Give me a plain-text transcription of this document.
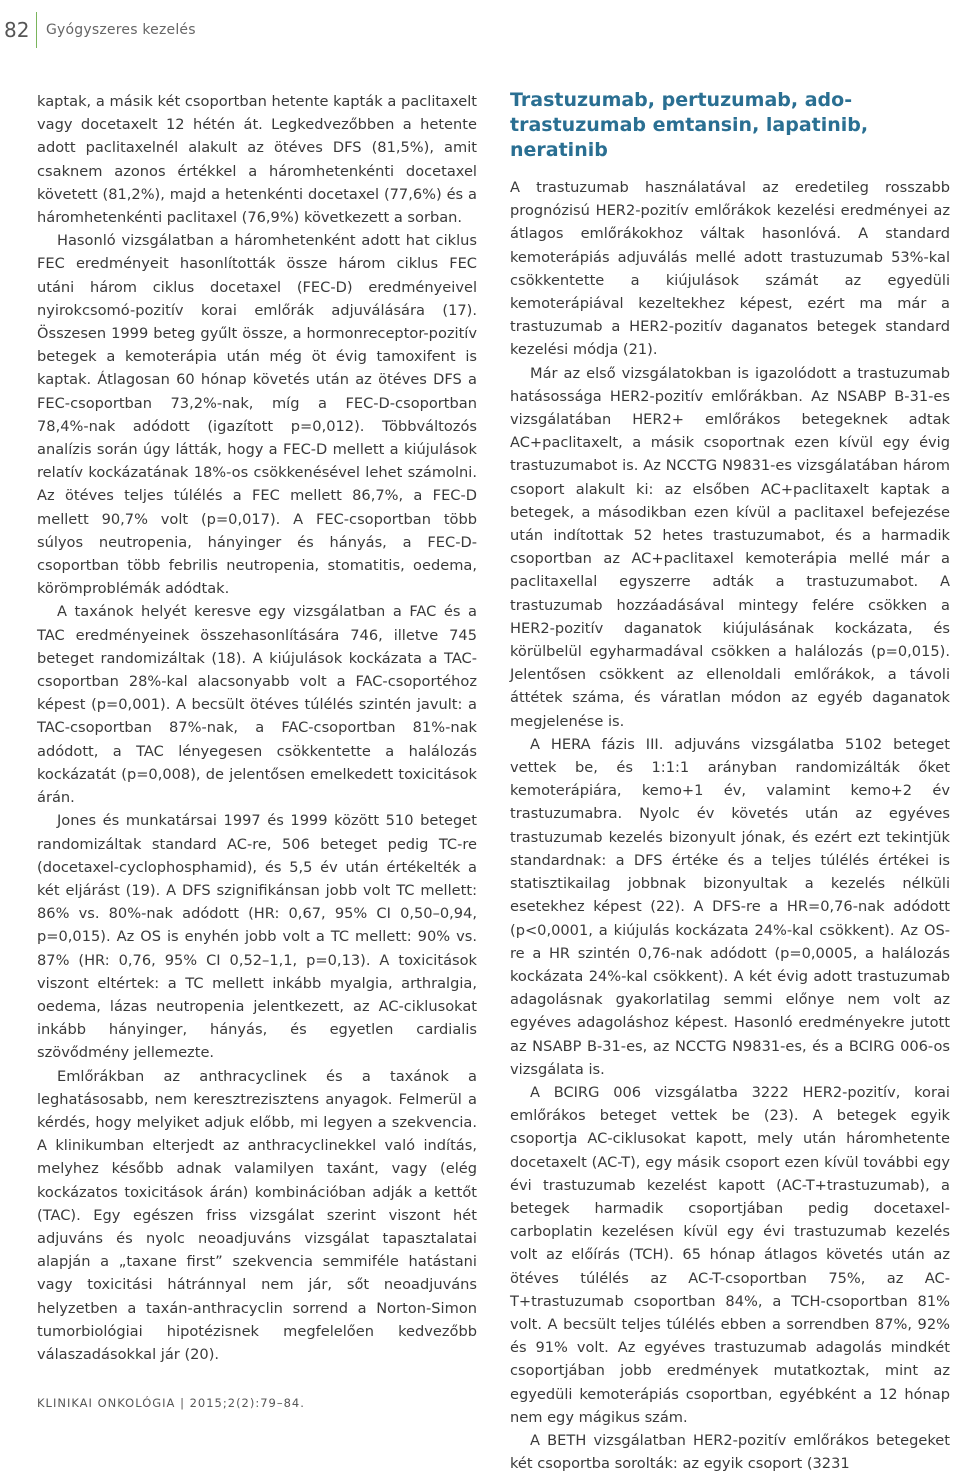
82 Gyógyszeres kezelés

kaptak, a másik két csoportban hetente kapták a paclitaxelt vagy docetaxelt 12 hétén át. Legkedvezőbben a hetente adott paclitaxelnél alakult az ötéves DFS (81,5%), amit csaknem azonos értékkel a háromhetenkénti docetaxel követett (81,2%), majd a hetenkénti docetaxel (77,6%) és a háromhetenkénti paclitaxel (76,9%) következett a sorban.

Hasonló vizsgálatban a háromhetenként adott hat ciklus FEC eredményeit hasonlították össze három ciklus FEC utáni három ciklus docetaxel (FEC-D) eredményeivel nyirokcsomó-pozitív korai emlőrák adjuválására (17). Összesen 1999 beteg gyűlt össze, a hormonreceptor-pozitív betegek a kemoterápia után még öt évig tamoxifent is kaptak. Átlagosan 60 hónap követés után az ötéves DFS a FEC-csoportban 73,2%-nak, míg a FEC-D-csoportban 78,4%-nak adódott (igazított p=0,012). Többváltozós analízis során úgy látták, hogy a FEC-D mellett a kiújulások relatív kockázatának 18%-os csökkenésével lehet számolni. Az ötéves teljes túlélés a FEC mellett 86,7%, a FEC-D mellett 90,7% volt (p=0,017). A FEC-csoportban több súlyos neutropenia, hányinger és hányás, a FEC-D-csoportban több febrilis neutropenia, stomatitis, oedema, körömproblémák adódtak.

A taxánok helyét keresve egy vizsgálatban a FAC és a TAC eredményeinek összehasonlítására 746, illetve 745 beteget randomizáltak (18). A kiújulások kockázata a TAC-csoportban 28%-kal alacsonyabb volt a FAC-csoportéhoz képest (p=0,001). A becsült ötéves túlélés szintén javult: a TAC-csoportban 87%-nak, a FAC-csoportban 81%-nak adódott, a TAC lényegesen csökkentette a halálozás kockázatát (p=0,008), de jelentősen emelkedett toxicitások árán.

Jones és munkatársai 1997 és 1999 között 510 beteget randomizáltak standard AC-re, 506 beteget pedig TC-re (docetaxel-cyclophosphamid), és 5,5 év után értékelték a két eljárást (19). A DFS szignifikánsan jobb volt TC mellett: 86% vs. 80%-nak adódott (HR: 0,67, 95% CI 0,50–0,94, p=0,015). Az OS is enyhén jobb volt a TC mellett: 90% vs. 87% (HR: 0,76, 95% CI 0,52–1,1, p=0,13). A toxicitások viszont eltértek: a TC mellett inkább myalgia, arthralgia, oedema, lázas neutropenia jelentkezett, az AC-ciklusokat inkább hányinger, hányás, és egyetlen cardialis szövődmény jellemezte.

Emlőrákban az anthracyclinek és a taxánok a leghatásosabb, nem keresztrezisztens anyagok. Felmerül a kérdés, hogy melyiket adjuk előbb, mi legyen a szekvencia. A klinikumban elterjedt az anthracyclinekkel való indítás, melyhez később adnak valamilyen taxánt, vagy (elég kockázatos toxicitások árán) kombinációban adják a kettőt (TAC). Egy egészen friss vizsgálat szerint viszont hét adjuváns és nyolc neoadjuváns vizsgálat tapasztalatai alapján a „taxane first” szekvencia semmiféle hatástani vagy toxicitási hátránnyal nem jár, sőt neoadjuváns helyzetben a taxán-anthracyclin sorrend a Norton-Simon tumorbiológiai hipotézisnek megfelelően kedvezőbb válaszadásokkal jár (20).

Trastuzumab, pertuzumab, ado-trastuzumab emtansin, lapatinib, neratinib

A trastuzumab használatával az eredetileg rosszabb prognózisú HER2-pozitív emlőrákok kezelési eredményei az átlagos emlőrákokhoz váltak hasonlóvá. A standard kemoterápiás adjuválás mellé adott trastuzumab 53%-kal csökkentette a kiújulások számát az egyedüli kemoterápiával kezeltekhez képest, ezért ma már a trastuzumab a HER2-pozitív daganatos betegek standard kezelési módja (21).

Már az első vizsgálatokban is igazolódott a trastuzumab hatásossága HER2-pozitív emlőrákban. Az NSABP B-31-es vizsgálatában HER2+ emlőrákos betegeknek adtak AC+paclitaxelt, a másik csoportnak ezen kívül egy évig trastuzumabot is. Az NCCTG N9831-es vizsgálatában három csoport alakult ki: az elsőben AC+paclitaxelt kaptak a betegek, a másodikban ezen kívül a paclitaxel befejezése után indítottak 52 hetes trastuzumabot, és a harmadik csoportban az AC+paclitaxel kemoterápia mellé már a paclitaxellal egyszerre adták a trastuzumabot. A trastuzumab hozzáadásával mintegy felére csökken a HER2-pozitív daganatok kiújulásának kockázata, és körülbelül egyharmadával csökken a halálozás (p=0,015). Jelentősen csökkent az ellenoldali emlőrákok, a távoli áttétek száma, és váratlan módon az egyéb daganatok megjelenése is.

A HERA fázis III. adjuváns vizsgálatba 5102 beteget vettek be, és 1:1:1 arányban randomizálták őket kemoterápiára, kemo+1 év, valamint kemo+2 év trastuzumabra. Nyolc év követés után az egyéves trastuzumab kezelés bizonyult jónak, és ezért ezt tekintjük standardnak: a DFS értéke és a teljes túlélés értékei is statisztikailag jobbnak bizonyultak a kezelés nélküli esetekhez képest (22). A DFS-re a HR=0,76-nak adódott (p<0,0001, a kiújulás kockázata 24%-kal csökkent). Az OS-re a HR szintén 0,76-nak adódott (p=0,0005, a halálozás kockázata 24%-kal csökkent). A két évig adott trastuzumab adagolásnak gyakorlatilag semmi előnye nem volt az egyéves adagoláshoz képest. Hasonló eredményekre jutott az NSABP B-31-es, az NCCTG N9831-es, és a BCIRG 006-os vizsgálata is.

A BCIRG 006 vizsgálatba 3222 HER2-pozitív, korai emlőrákos beteget vettek be (23). A betegek egyik csoportja AC-ciklusokat kapott, mely után háromhetente docetaxelt (AC-T), egy másik csoport ezen kívül további egy évi trastuzumab kezelést kapott (AC-T+trastuzumab), a betegek harmadik csoportjában pedig docetaxel-carboplatin kezelésen kívül egy évi trastuzumab kezelés volt az előírás (TCH). 65 hónap átlagos követés után az ötéves túlélés az AC-T-csoportban 75%, az AC-T+trastuzumab csoportban 84%, a TCH-csoportban 81% volt. A becsült teljes túlélés ebben a sorrendben 87%, 92% és 91% volt. Az egyéves trastuzumab adagolás mindkét csoportjában jobb eredmények mutatkoztak, mint az egyedüli kemoterápiás csoportban, egyébként a 12 hónap nem egy mágikus szám.

A BETH vizsgálatban HER2-pozitív emlőrákos betegeket két csoportba sorolták: az egyik csoport (3231

KLINIKAI ONKOLÓGIA | 2015;2(2):79–84.
